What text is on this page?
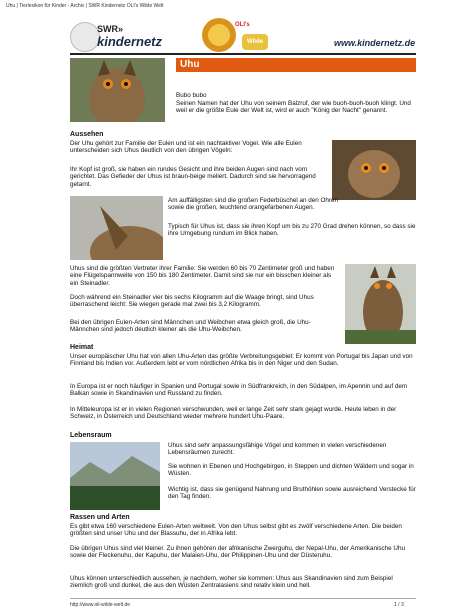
Uhu | Tierlexikon für Kinder - Archiv | SWR Kindernetz OLI's Wilde Welt
SWR»
kindernetz
OLI's
Wilde	www.kindernetz.de
Uhu
Bubo bubo

Seinen Namen hat der Uhu von seinem Balzruf, der wie buoh-buoh-buoh klingt. Und weil er die größte Eule der Welt ist, wird er auch "König der Nacht" genannt.

Aussehen

Der Uhu gehört zur Familie der Eulen und ist ein nachtaktiver Vogel. Wie alle Eulen unterscheiden sich Uhus deutlich von den übrigen Vögeln:

Ihr Kopf ist groß, sie haben ein rundes Gesicht und ihre beiden Augen sind nach vorn gerichtet. Das Gefieder der Uhus ist braun-beige meliert. Dadurch sind sie hervorragend getarnt.

Am auffälligsten sind die großen Federbüschel an den Ohren sowie die großen, leuchtend orangefarbenen Augen.

Typisch für Uhus ist, dass sie ihren Kopf um bis zu 270 Grad drehen können, so dass sie ihre Umgebung rundum im Blick haben.

Uhus sind die größten Vertreter ihrer Familie: Sie werden 60 bis 70 Zentimeter groß und haben eine Flügelspannweite von 150 bis 180 Zentimeter. Damit sind sie nur ein bisschen kleiner als ein Steinadler.

Doch während ein Steinadler vier bis sechs Kilogramm auf die Waage bringt, sind Uhus überraschend leicht: Sie wiegen gerade mal zwei bis 3,2 Kilogramm.

Bei den übrigen Eulen-Arten sind Männchen und Weibchen etwa gleich groß, die Uhu-Männchen sind jedoch deutlich kleiner als die Uhu-Weibchen.

Heimat

Unser europäischer Uhu hat von allen Uhu-Arten das größte Verbreitungsgebiet: Er kommt von Portugal bis Japan und von Finnland bis Indien vor. Außerdem lebt er vom nördlichen Afrika bis in den Niger und den Sudan.

In Europa ist er noch häufiger in Spanien und Portugal sowie in Südfrankreich, in den Südalpen, im Apennin und auf dem Balkan sowie in Skandinavien und Russland zu finden.

In Mitteleuropa ist er in vielen Regionen verschwunden, weil er lange Zeit sehr stark gejagt wurde. Heute leben in der Schweiz, in Österreich und Deutschland wieder mehrere hundert Uhu-Paare.

Lebensraum

Uhus sind sehr anpassungsfähige Vögel und kommen in vielen verschiedenen Lebensräumen zurecht.

Sie wohnen in Ebenen und Hochgebirgen, in Steppen und dichten Wäldern und sogar in Wüsten.

Wichtig ist, dass sie genügend Nahrung und Bruthöhlen sowie ausreichend Verstecke für den Tag finden.

Rassen und Arten

Es gibt etwa 160 verschiedene Eulen-Arten weltweit. Von den Uhus selbst gibt es zwölf verschiedene Arten. Die beiden größten sind unser Uhu und der Blassuhu, der in Afrika lebt.

Die übrigen Uhus sind viel kleiner. Zu ihnen gehören der afrikanische Zwerguhu, der Nepal-Uhu, der Amerikanische Uhu sowie der Fleckenuhu, der Kapuhu, der Malaien-Uhu, der Philippinen-Uhu und der Düsteruhu.

Uhus können unterschiedlich aussehen, je nachdem, woher sie kommen: Uhus aus Skandinavien sind zum Beispiel ziemlich groß und dunkel, die aus den Wüsten Zentralasiens sind relativ klein und hell.

http://www.oli-wilde-welt.de	1 / 3
